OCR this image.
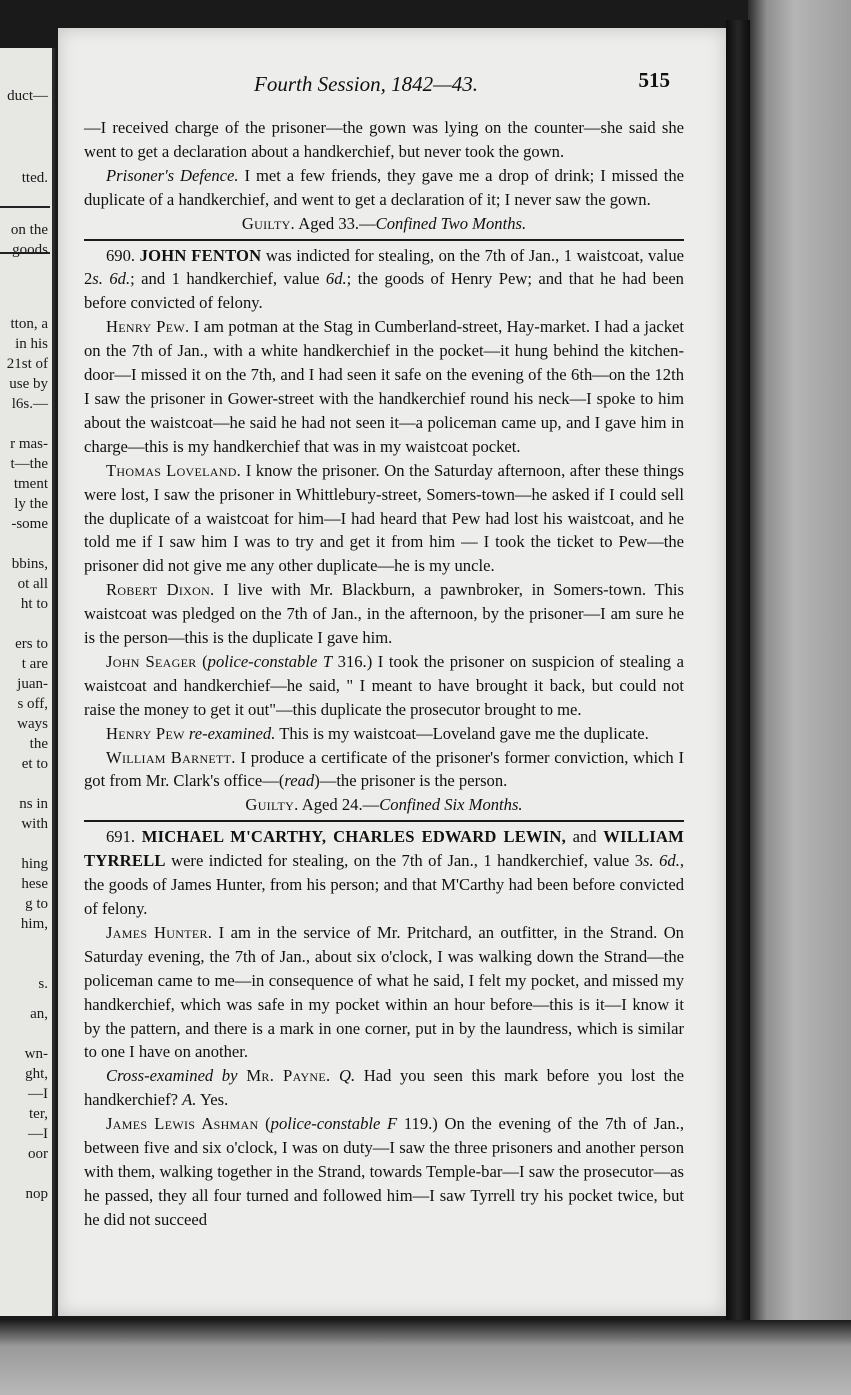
duct—
tted.
on the
goods
tton, a
in his
21st of
use by
l6s.—
r mas-
t—the
tment
ly the
-some
bbins,
ot all
ht to
ers to
t are
juan-
s off,
ways
the
et to
ns in
with
hing
hese
g to
him,
s.
an,
wn-
ght,
—I
ter,
—I
oor
nop
Fourth Session, 1842—43.	515

—I received charge of the prisoner—the gown was lying on the counter—she said she went to get a declaration about a handkerchief, but never took the gown.

Prisoner's Defence. I met a few friends, they gave me a drop of drink; I missed the duplicate of a handkerchief, and went to get a declaration of it; I never saw the gown.

Guilty. Aged 33.—Confined Two Months.

690. JOHN FENTON was indicted for stealing, on the 7th of Jan., 1 waistcoat, value 2s. 6d.; and 1 handkerchief, value 6d.; the goods of Henry Pew; and that he had been before convicted of felony.

Henry Pew. I am potman at the Stag in Cumberland-street, Hay-market. I had a jacket on the 7th of Jan., with a white handkerchief in the pocket—it hung behind the kitchen-door—I missed it on the 7th, and I had seen it safe on the evening of the 6th—on the 12th I saw the prisoner in Gower-street with the handkerchief round his neck—I spoke to him about the waistcoat—he said he had not seen it—a policeman came up, and I gave him in charge—this is my handkerchief that was in my waistcoat pocket.

Thomas Loveland. I know the prisoner. On the Saturday afternoon, after these things were lost, I saw the prisoner in Whittlebury-street, Somers-town—he asked if I could sell the duplicate of a waistcoat for him—I had heard that Pew had lost his waistcoat, and he told me if I saw him I was to try and get it from him — I took the ticket to Pew—the prisoner did not give me any other duplicate—he is my uncle.

Robert Dixon. I live with Mr. Blackburn, a pawnbroker, in Somers-town. This waistcoat was pledged on the 7th of Jan., in the afternoon, by the prisoner—I am sure he is the person—this is the duplicate I gave him.

John Seager (police-constable T 316.) I took the prisoner on suspicion of stealing a waistcoat and handkerchief—he said, " I meant to have brought it back, but could not raise the money to get it out"—this duplicate the prosecutor brought to me.

Henry Pew re-examined. This is my waistcoat—Loveland gave me the duplicate.

William Barnett. I produce a certificate of the prisoner's former conviction, which I got from Mr. Clark's office—(read)—the prisoner is the person.

Guilty. Aged 24.—Confined Six Months.

691. MICHAEL M'CARTHY, CHARLES EDWARD LEWIN, and WILLIAM TYRRELL were indicted for stealing, on the 7th of Jan., 1 handkerchief, value 3s. 6d., the goods of James Hunter, from his person; and that M'Carthy had been before convicted of felony.

James Hunter. I am in the service of Mr. Pritchard, an outfitter, in the Strand. On Saturday evening, the 7th of Jan., about six o'clock, I was walking down the Strand—the policeman came to me—in consequence of what he said, I felt my pocket, and missed my handkerchief, which was safe in my pocket within an hour before—this is it—I know it by the pattern, and there is a mark in one corner, put in by the laundress, which is similar to one I have on another.

Cross-examined by Mr. Payne. Q. Had you seen this mark before you lost the handkerchief? A. Yes.

James Lewis Ashman (police-constable F 119.) On the evening of the 7th of Jan., between five and six o'clock, I was on duty—I saw the three prisoners and another person with them, walking together in the Strand, towards Temple-bar—I saw the prosecutor—as he passed, they all four turned and followed him—I saw Tyrrell try his pocket twice, but he did not succeed
